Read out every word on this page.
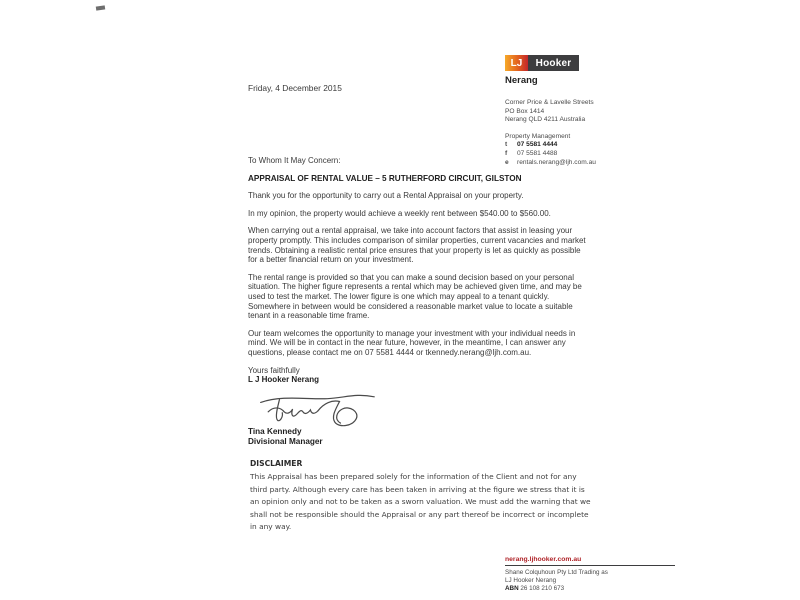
LJ	Hooker
Nerang
Corner Price & Lavelle Streets
PO Box 1414
Nerang QLD 4211 Australia
Property Management
t	07 5581 4444
f	07 5581 4488
e	rentals.nerang@ljh.com.au
Friday, 4 December 2015

To Whom It May Concern:

APPRAISAL OF RENTAL VALUE – 5 RUTHERFORD CIRCUIT, GILSTON

Thank you for the opportunity to carry out a Rental Appraisal on your property.

In my opinion, the property would achieve a weekly rent between $540.00 to $560.00.

When carrying out a rental appraisal, we take into account factors that assist in leasing your property promptly. This includes comparison of similar properties, current vacancies and market trends. Obtaining a realistic rental price ensures that your property is let as quickly as possible for a better financial return on your investment.

The rental range is provided so that you can make a sound decision based on your personal situation. The higher figure represents a rental which may be achieved given time, and may be used to test the market. The lower figure is one which may appeal to a tenant quickly. Somewhere in between would be considered a reasonable market value to locate a suitable tenant in a reasonable time frame.

Our team welcomes the opportunity to manage your investment with your individual needs in mind. We will be in contact in the near future, however, in the meantime, I can answer any questions, please contact me on 07 5581 4444 or tkennedy.nerang@ljh.com.au.

Yours faithfully
L J Hooker Nerang
Tina Kennedy
Divisional Manager
DISCLAIMER
This Appraisal has been prepared solely for the information of the Client and not for any third party. Although every care has been taken in arriving at the figure we stress that it is an opinion only and not to be taken as a sworn valuation. We must add the warning that we shall not be responsible should the Appraisal or any part thereof be incorrect or incomplete in any way.
nerang.ljhooker.com.au
Shane Colquhoun Pty Ltd Trading as
LJ Hooker Nerang
ABN 26 108 210 673
